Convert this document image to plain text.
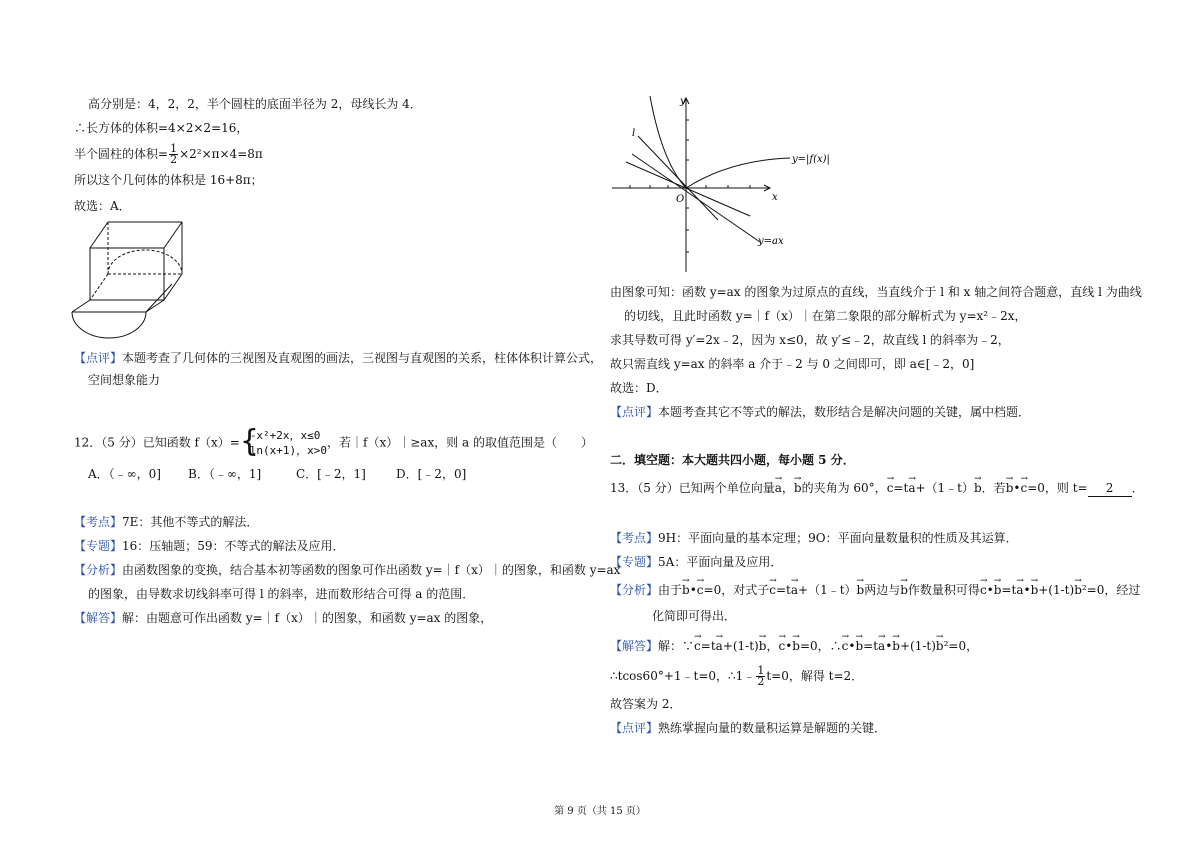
高分别是：4，2，2，半个圆柱的底面半径为 2，母线长为 4．
∴长方体的体积=4×2×2=16，
半个圆柱的体积= $\frac{1}{2} \times 2^2\times\pi\times 4=8\pi$
所以这个几何体的体积是 16+8π；
故选：A．
【点评】本题考查了几何体的三视图及直观图的画法，三视图与直观图的关系，柱体体积计算公式，
空间想象能力
12．（5 分）已知函数 f（x）= {
-x²+2x，x≤0
ln(x+1)，x>0
，若｜f（x）｜≥ax，则 a 的取值范围是（　　）
A．（﹣∞，0] B．（﹣∞，1]	C．[﹣2，1]	D．[﹣2，0]
【考点】7E：其他不等式的解法．
【专题】16：压轴题；59：不等式的解法及应用．
【分析】由函数图象的变换，结合基本初等函数的图象可作出函数 y=｜f（x）｜的图象，和函数 y=ax
的图象，由导数求切线斜率可得 l 的斜率，进而数形结合可得 a 的范围．
【解答】解：由题意可作出函数 y=｜f（x）｜的图象，和函数 y=ax 的图象，
y
x
O
l
y=|f(x)|
y=ax
由图象可知：函数 y=ax 的图象为过原点的直线，当直线介于 l 和 x 轴之间符合题意，直线 l 为曲线
的切线，且此时函数 y=｜f（x）｜在第二象限的部分解析式为 y=x²﹣2x，
求其导数可得 y′=2x﹣2，因为 x≤0，故 y′≤﹣2，故直线 l 的斜率为﹣2，
故只需直线 y=ax 的斜率 a 介于﹣2 与 0 之间即可，即 a∈[﹣2，0]
故选：D．
【点评】本题考查其它不等式的解法，数形结合是解决问题的关键，属中档题．
二．填空题：本大题共四小题，每小题 5 分．
13．（5 分）已知两个单位向量→ a，→ b的夹角为 60°，→ c=t→ a+（1﹣t）→ b．若→ b•→ c=0，则 t= 2 ．
【考点】9H：平面向量的基本定理；9O：平面向量数量积的性质及其运算．
【专题】5A：平面向量及应用．
【分析】由于→ b•→ c=0，对式子→ c=t→ a+（1﹣t）→ b两边与→ b作数量积可得→ c•→ b=t→ a•→ b+(1-t)→ b²=0，经过
化简即可得出．
【解答】解：∵→ c=t→ a+(1-t)→ b，→ c•→ b=0，∴→ c•→ b=t→ a•→ b+(1-t)→ b²=0，
∴tcos60°+1﹣t=0，∴1﹣ $\frac{1}{2} t=0$，解得 t=2．
故答案为 2．
【点评】熟练掌握向量的数量积运算是解题的关键．
第 9 页（共 15 页）
